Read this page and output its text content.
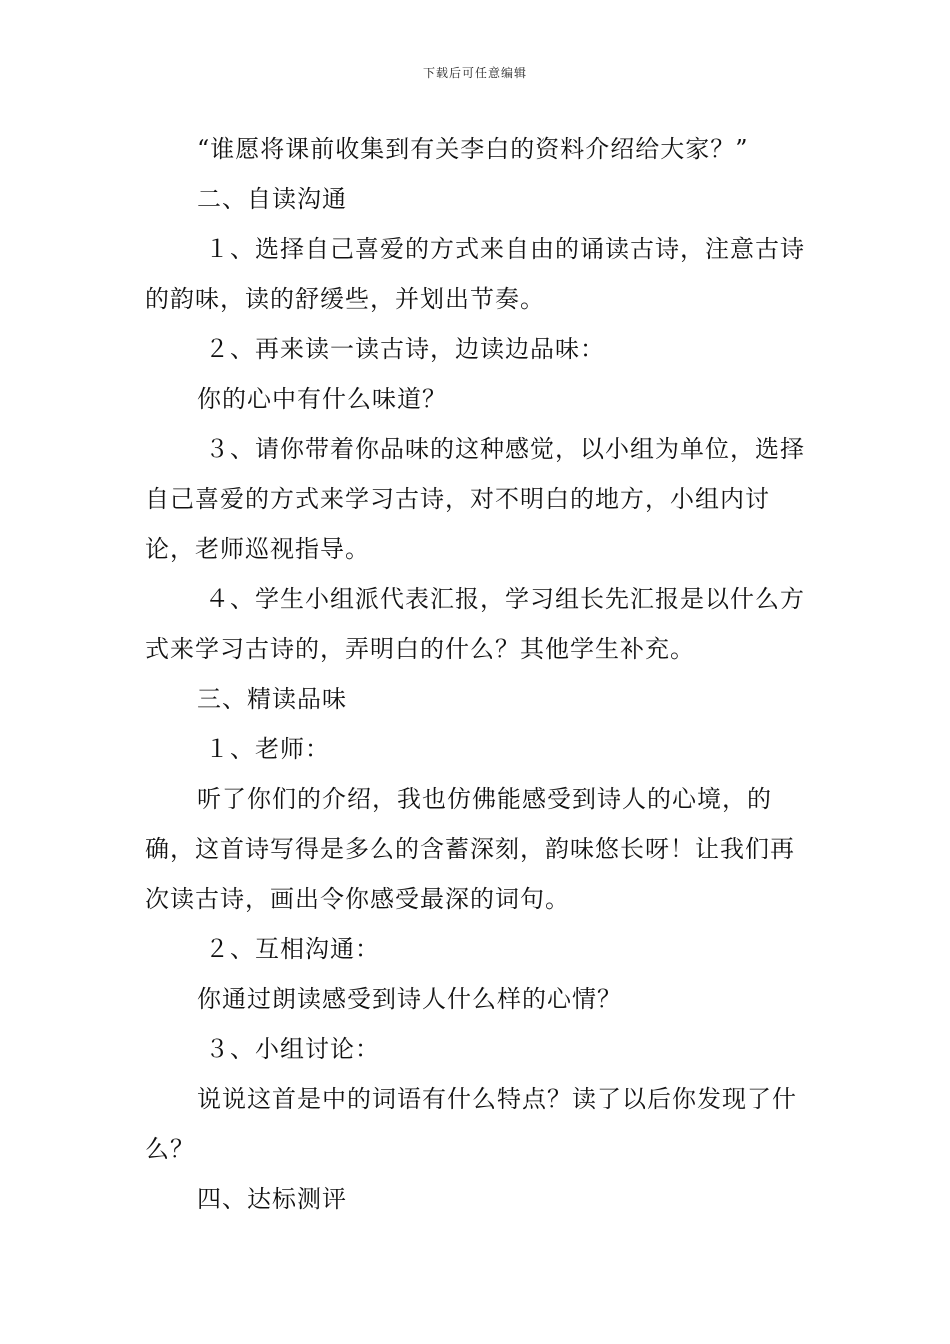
下载后可任意编辑

“谁愿将课前收集到有关李白的资料介绍给大家？”

二、自读沟通

１、选择自己喜爱的方式来自由的诵读古诗，注意古诗的韵味，读的舒缓些，并划出节奏。

２、再来读一读古诗，边读边品味：

你的心中有什么味道？

３、请你带着你品味的这种感觉，以小组为单位，选择自己喜爱的方式来学习古诗，对不明白的地方，小组内讨论，老师巡视指导。

４、学生小组派代表汇报，学习组长先汇报是以什么方式来学习古诗的，弄明白的什么？其他学生补充。

三、精读品味

１、老师：

听了你们的介绍，我也仿佛能感受到诗人的心境，的确，这首诗写得是多么的含蓄深刻，韵味悠长呀！让我们再次读古诗，画出令你感受最深的词句。

２、互相沟通：

你通过朗读感受到诗人什么样的心情？

３、小组讨论：

说说这首是中的词语有什么特点？读了以后你发现了什么？

四、达标测评
